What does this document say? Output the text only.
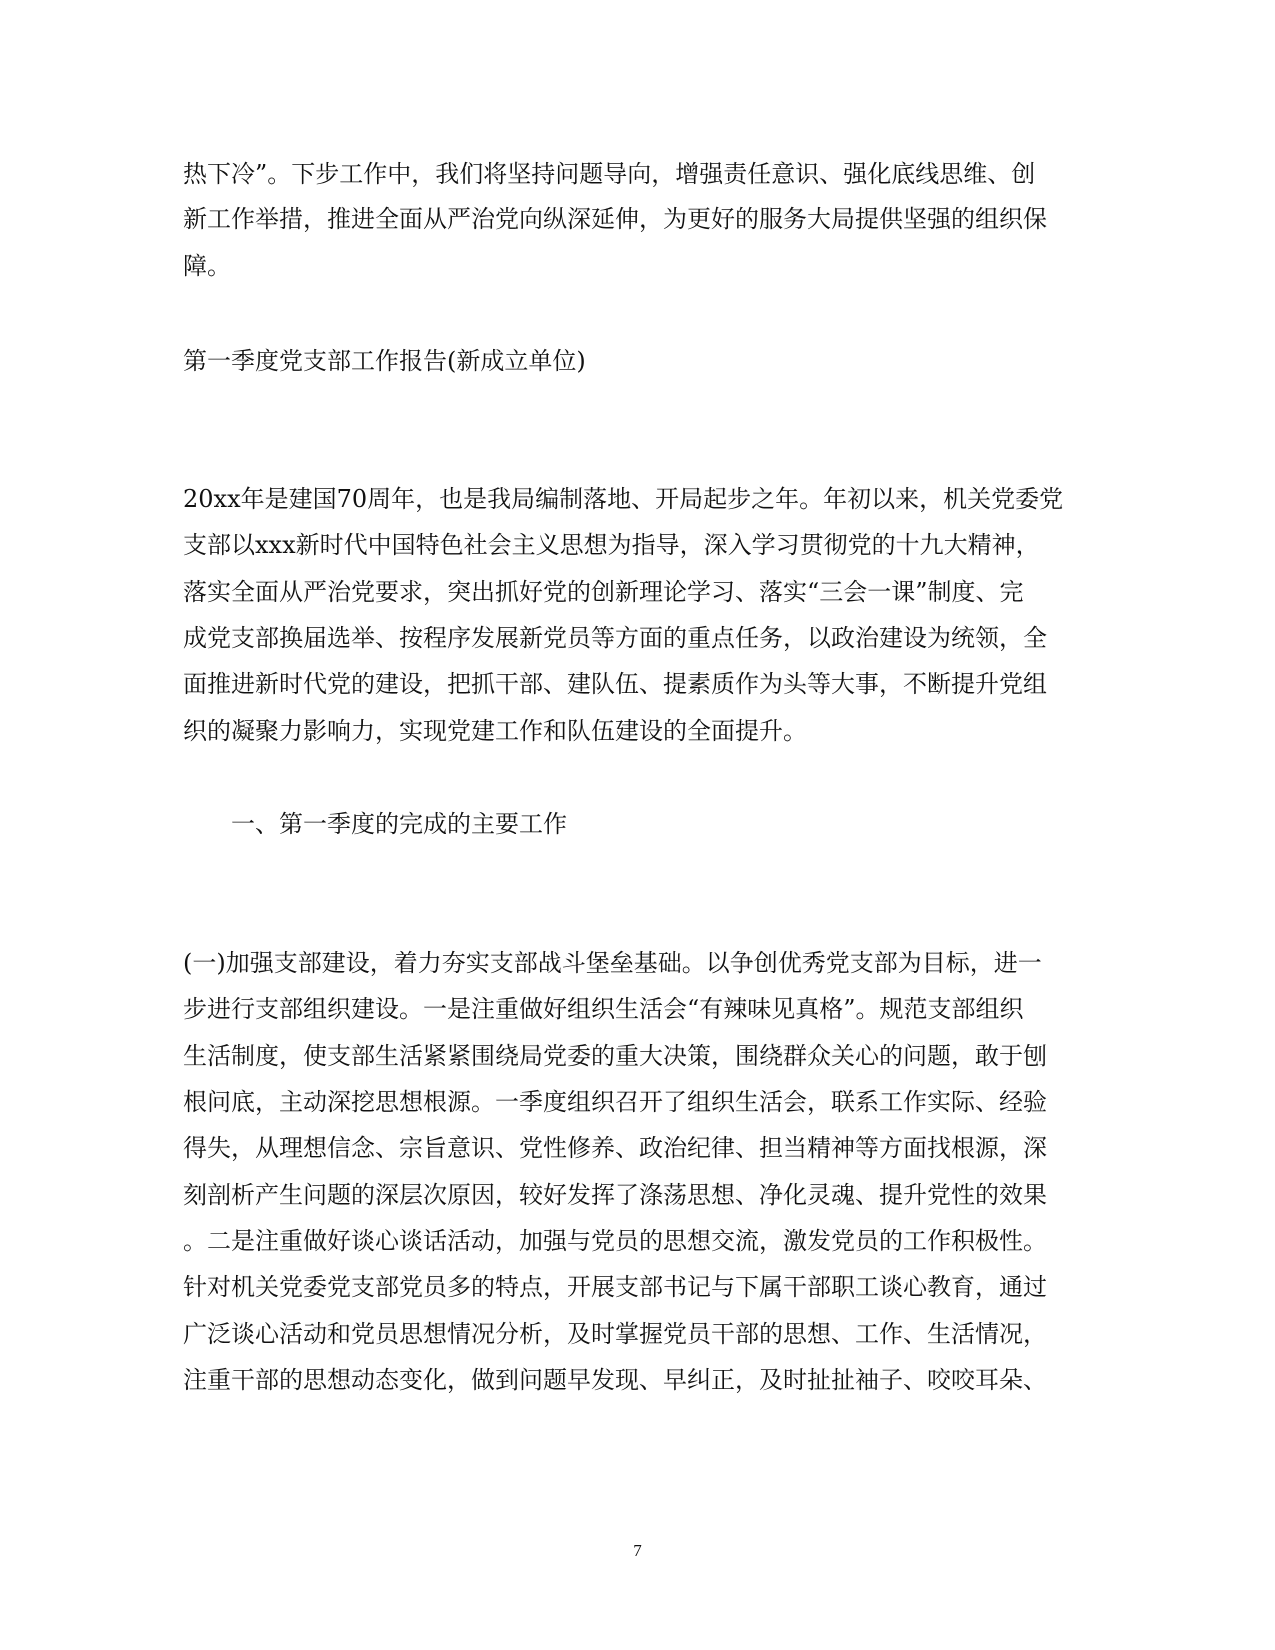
热下冷”。下步工作中，我们将坚持问题导向，增强责任意识、强化底线思维、创
新工作举措，推进全面从严治党向纵深延伸，为更好的服务大局提供坚强的组织保
障。
第一季度党支部工作报告(新成立单位)
20xx年是建国70周年，也是我局编制落地、开局起步之年。年初以来，机关党委党
支部以xxx新时代中国特色社会主义思想为指导，深入学习贯彻党的十九大精神，
落实全面从严治党要求，突出抓好党的创新理论学习、落实“三会一课”制度、完
成党支部换届选举、按程序发展新党员等方面的重点任务，以政治建设为统领，全
面推进新时代党的建设，把抓干部、建队伍、提素质作为头等大事，不断提升党组
织的凝聚力影响力，实现党建工作和队伍建设的全面提升。
一、第一季度的完成的主要工作
(一)加强支部建设，着力夯实支部战斗堡垒基础。以争创优秀党支部为目标，进一
步进行支部组织建设。一是注重做好组织生活会“有辣味见真格”。规范支部组织
生活制度，使支部生活紧紧围绕局党委的重大决策，围绕群众关心的问题，敢于刨
根问底，主动深挖思想根源。一季度组织召开了组织生活会，联系工作实际、经验
得失，从理想信念、宗旨意识、党性修养、政治纪律、担当精神等方面找根源，深
刻剖析产生问题的深层次原因，较好发挥了涤荡思想、净化灵魂、提升党性的效果
。二是注重做好谈心谈话活动，加强与党员的思想交流，激发党员的工作积极性。
针对机关党委党支部党员多的特点，开展支部书记与下属干部职工谈心教育，通过
广泛谈心活动和党员思想情况分析，及时掌握党员干部的思想、工作、生活情况，
注重干部的思想动态变化，做到问题早发现、早纠正，及时扯扯袖子、咬咬耳朵、
7
